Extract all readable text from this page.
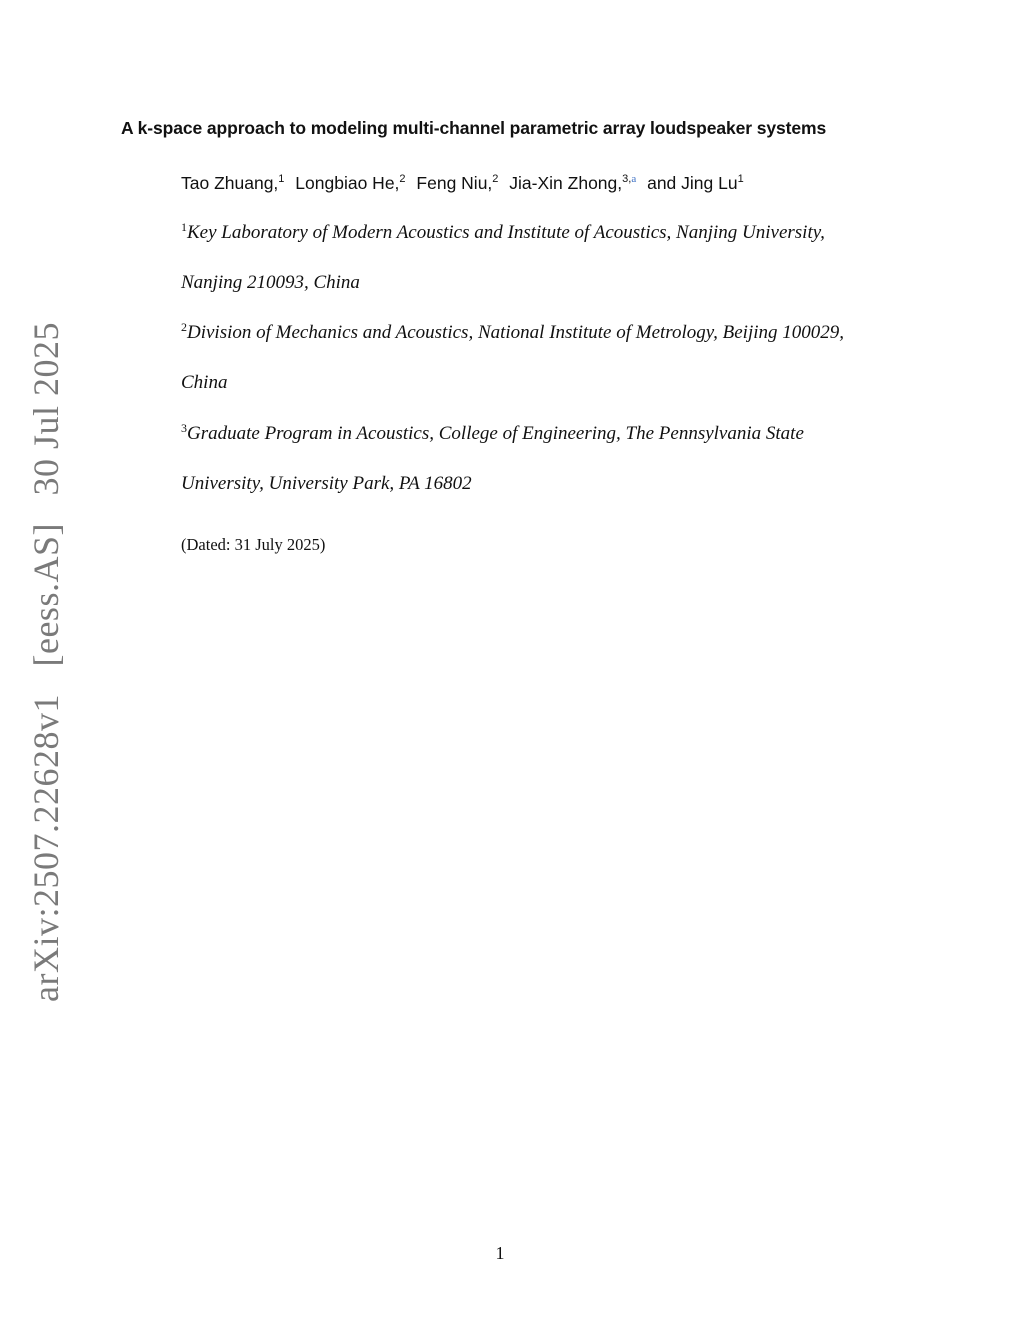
arXiv:2507.22628v1 [eess.AS] 30 Jul 2025
A k-space approach to modeling multi-channel parametric array loudspeaker systems
Tao Zhuang,$^1$ Longbiao He,$^2$ Feng Niu,$^2$ Jia-Xin Zhong,$^{3,a}$ and Jing Lu$^1$
$^1$Key Laboratory of Modern Acoustics and Institute of Acoustics, Nanjing University,
Nanjing 210093, China
$^2$Division of Mechanics and Acoustics, National Institute of Metrology, Beijing 100029,
China
$^3$Graduate Program in Acoustics, College of Engineering, The Pennsylvania State
University, University Park, PA 16802
(Dated: 31 July 2025)
1
